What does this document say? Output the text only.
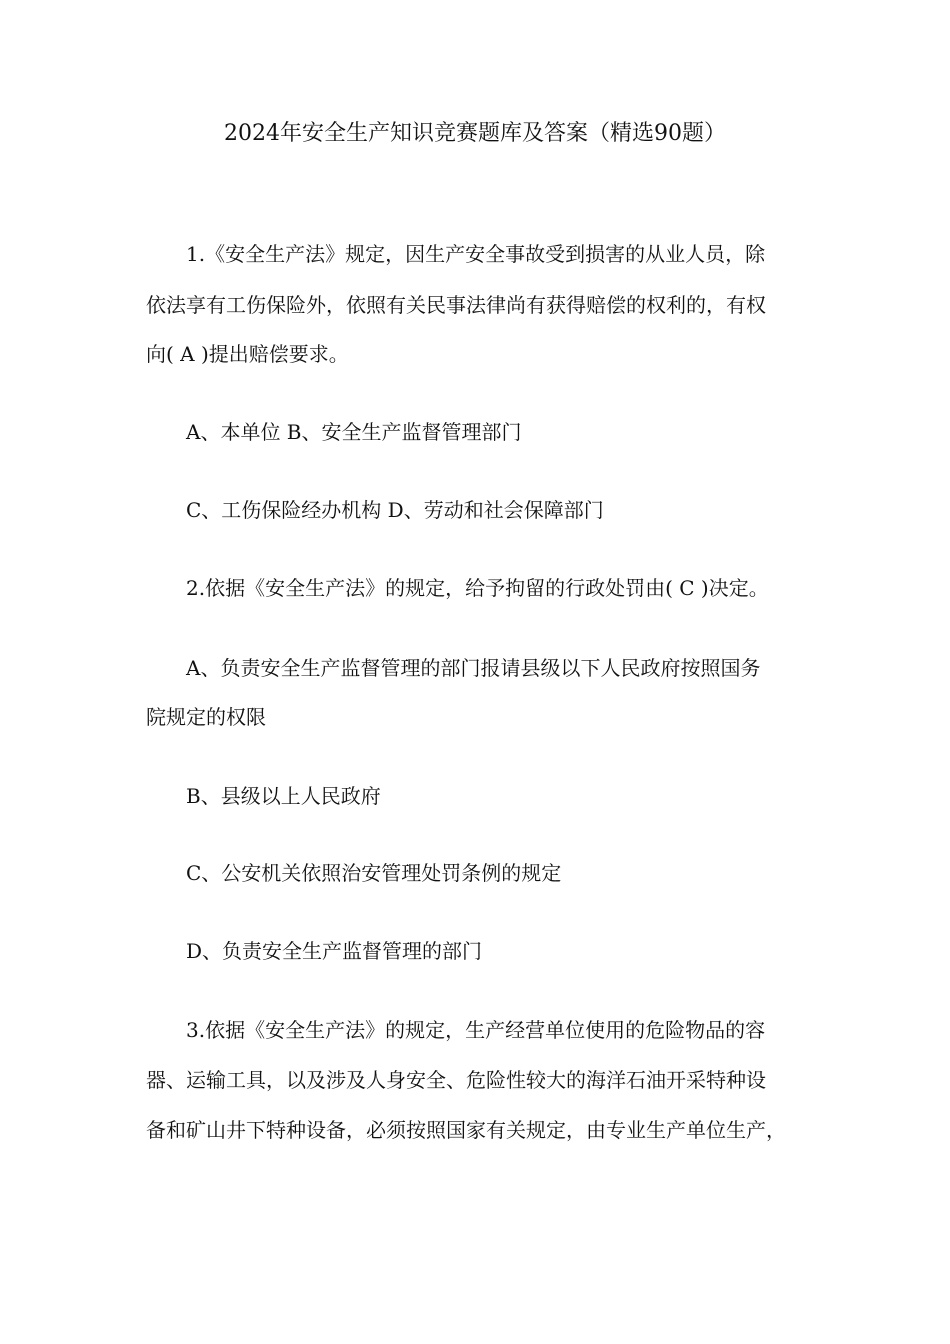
2024年安全生产知识竞赛题库及答案（精选90题）
1.《安全生产法》规定，因生产安全事故受到损害的从业人员，除
依法享有工伤保险外，依照有关民事法律尚有获得赔偿的权利的，有权
向( A )提出赔偿要求。
A、本单位 B、安全生产监督管理部门
C、工伤保险经办机构 D、劳动和社会保障部门
2.依据《安全生产法》的规定，给予拘留的行政处罚由( C )决定。
A、负责安全生产监督管理的部门报请县级以下人民政府按照国务
院规定的权限
B、县级以上人民政府
C、公安机关依照治安管理处罚条例的规定
D、负责安全生产监督管理的部门
3.依据《安全生产法》的规定，生产经营单位使用的危险物品的容
器、运输工具，以及涉及人身安全、危险性较大的海洋石油开采特种设
备和矿山井下特种设备，必须按照国家有关规定，由专业生产单位生产，
